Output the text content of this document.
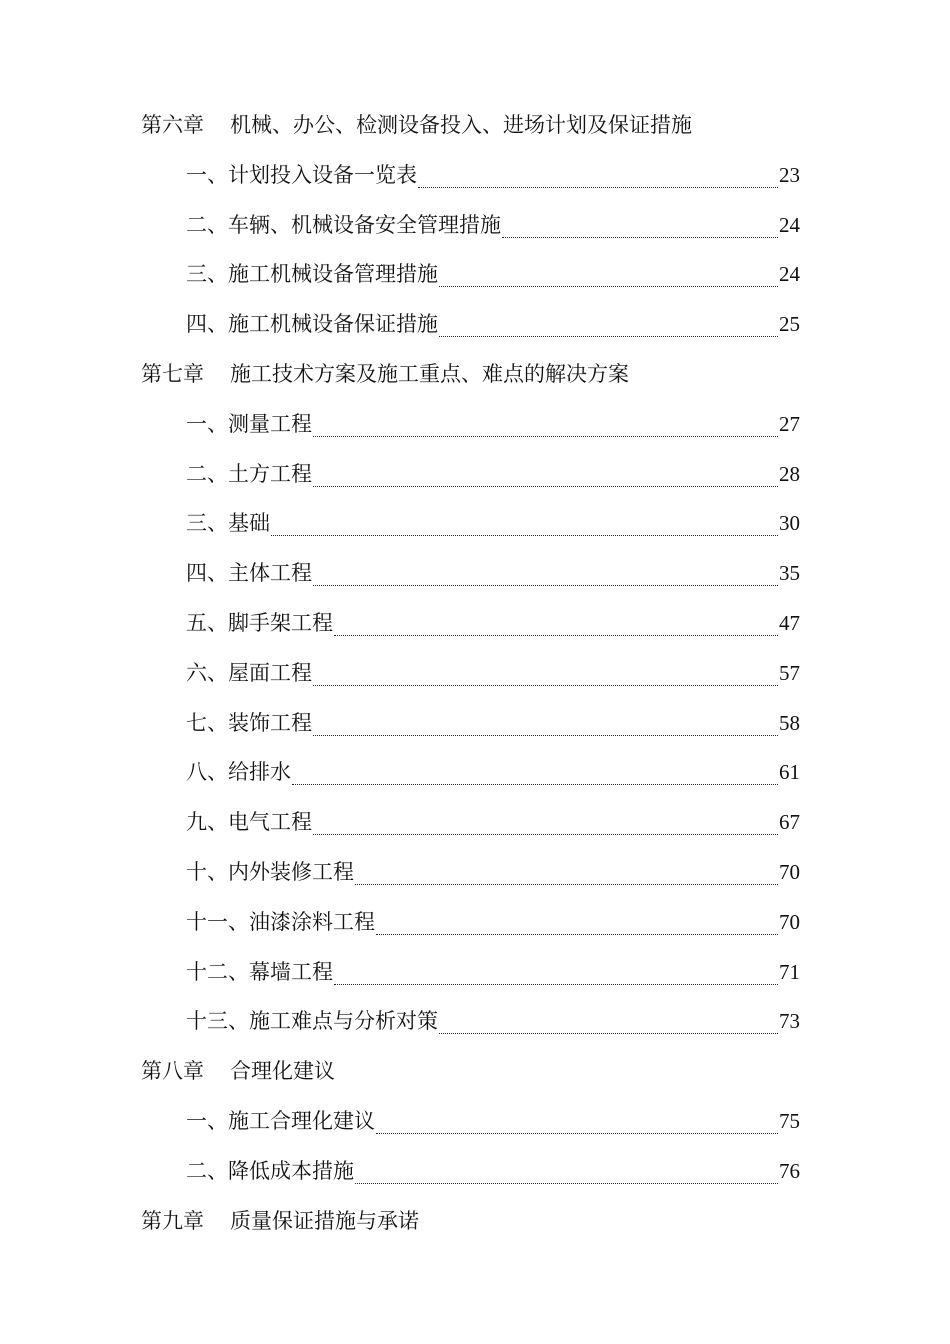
第六章 机械、办公、检测设备投入、进场计划及保证措施
一、计划投入设备一览表	23
二、车辆、机械设备安全管理措施	24
三、施工机械设备管理措施	24
四、施工机械设备保证措施	25
第七章 施工技术方案及施工重点、难点的解决方案
一、测量工程	27
二、土方工程	28
三、基础	30
四、主体工程	35
五、脚手架工程	47
六、屋面工程	57
七、装饰工程	58
八、给排水	61
九、电气工程	67
十、内外装修工程	70
十一、油漆涂料工程	70
十二、幕墙工程	71
十三、施工难点与分析对策	73
第八章 合理化建议
一、施工合理化建议	75
二、降低成本措施	76
第九章 质量保证措施与承诺
